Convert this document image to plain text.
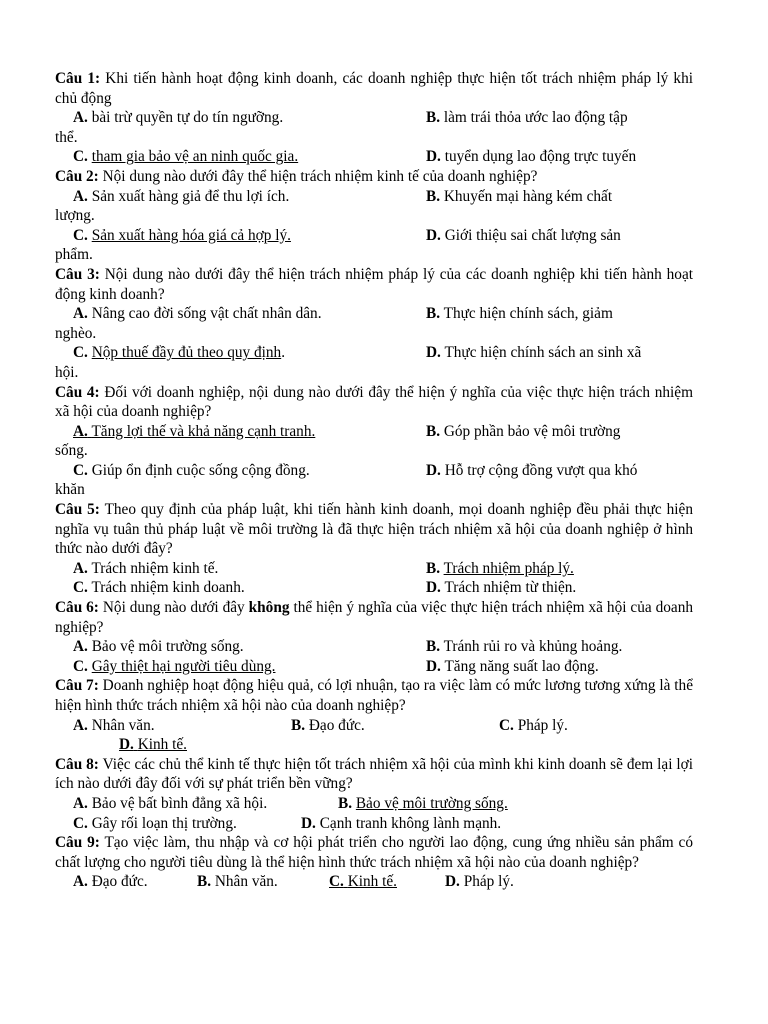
Câu 1: Khi tiến hành hoạt động kinh doanh, các doanh nghiệp thực hiện tốt trách nhiệm pháp lý khi chủ động
A. bài trừ quyền tự do tín ngưỡng.	B. làm trái thỏa ước lao động tập
thể.
C. tham gia bảo vệ an ninh quốc gia.	D. tuyển dụng lao động trực tuyến
Câu 2: Nội dung nào dưới đây thể hiện trách nhiệm kinh tế của doanh nghiệp?
A. Sản xuất hàng giả để thu lợi ích.	B. Khuyến mại hàng kém chất
lượng.
C. Sản xuất hàng hóa giá cả hợp lý.	D. Giới thiệu sai chất lượng sản
phẩm.
Câu 3: Nội dung nào dưới đây thể hiện trách nhiệm pháp lý của các doanh nghiệp khi tiến hành hoạt động kinh doanh?
A. Nâng cao đời sống vật chất nhân dân.	B. Thực hiện chính sách, giảm
nghèo.
C. Nộp thuế đầy đủ theo quy định.	D. Thực hiện chính sách an sinh xã
hội.
Câu 4: Đối với doanh nghiệp, nội dung nào dưới đây thể hiện ý nghĩa của việc thực hiện trách nhiệm xã hội của doanh nghiệp?
A. Tăng lợi thế và khả năng cạnh tranh.	B. Góp phần bảo vệ môi trường
sống.
C. Giúp ổn định cuộc sống cộng đồng.	D. Hỗ trợ cộng đồng vượt qua khó
khăn
Câu 5: Theo quy định của pháp luật, khi tiến hành kinh doanh, mọi doanh nghiệp đều phải thực hiện nghĩa vụ tuân thủ pháp luật về môi trường là đã thực hiện trách nhiệm xã hội của doanh nghiệp ở hình thức nào dưới đây?
A. Trách nhiệm kinh tế.	B. Trách nhiệm pháp lý.
C. Trách nhiệm kinh doanh.	D. Trách nhiệm từ thiện.
Câu 6: Nội dung nào dưới đây không thể hiện ý nghĩa của việc thực hiện trách nhiệm xã hội của doanh nghiệp?
A. Bảo vệ môi trường sống.	B. Tránh rủi ro và khủng hoảng.
C. Gây thiệt hại người tiêu dùng.	D. Tăng năng suất lao động.
Câu 7: Doanh nghiệp hoạt động hiệu quả, có lợi nhuận, tạo ra việc làm có mức lương tương xứng là thể hiện hình thức trách nhiệm xã hội nào của doanh nghiệp?
A. Nhân văn.	B. Đạo đức.	C. Pháp lý.
D. Kinh tế.
Câu 8: Việc các chủ thể kinh tế thực hiện tốt trách nhiệm xã hội của mình khi kinh doanh sẽ đem lại lợi ích nào dưới đây đối với sự phát triển bền vững?
A. Bảo vệ bất bình đẳng xã hội.	B. Bảo vệ môi trường sống.
C. Gây rối loạn thị trường.	D. Cạnh tranh không lành mạnh.
Câu 9: Tạo việc làm, thu nhập và cơ hội phát triển cho người lao động, cung ứng nhiều sản phẩm có chất lượng cho người tiêu dùng là thể hiện hình thức trách nhiệm xã hội nào của doanh nghiệp?
A. Đạo đức.	B. Nhân văn.	C. Kinh tế.	D. Pháp lý.
